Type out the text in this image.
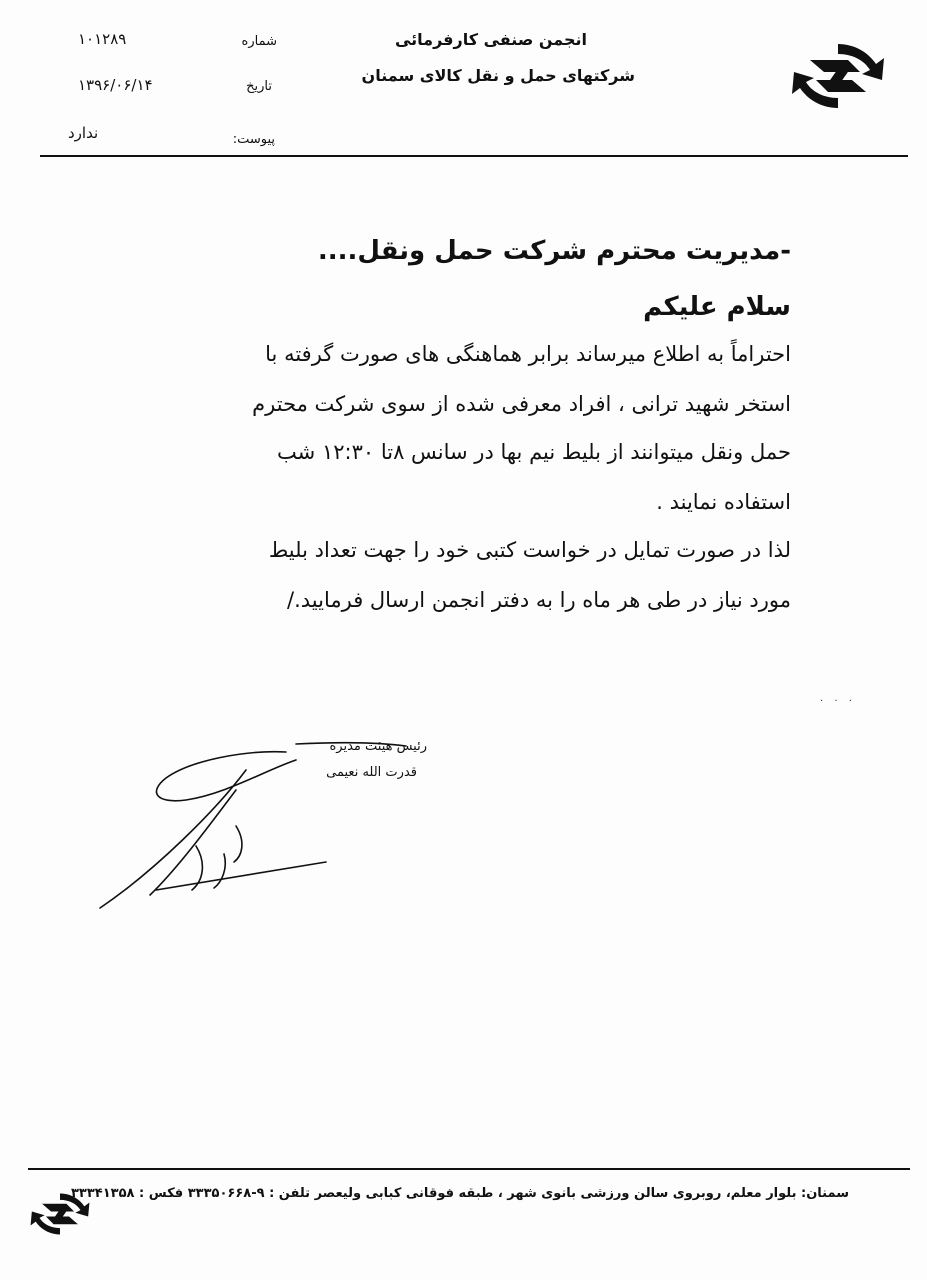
انجمن صنفی کارفرمائی
شرکتهای حمل و نقل کالای سمنان
شماره
۱۰۱۲۸۹
تاریخ
۱۳۹۶/۰۶/۱۴
پیوست:
ندارد
-مدیریت محترم شرکت حمل ونقل....
سلام علیکم
احتراماً به اطلاع میرساند برابر هماهنگی های صورت گرفته با
استخر شهید ترانی ، افراد معرفی شده از سوی شرکت محترم
حمل ونقل میتوانند از بلیط نیم بها در سانس ۸تا ۱۲:۳۰ شب
استفاده نمایند .
لذا در صورت تمایل در خواست کتبی خود را جهت تعداد بلیط
مورد نیاز در طی هر ماه را به دفتر انجمن ارسال فرمایید./
· · ·
رئیس هیئت مدیره
قدرت الله نعیمی
سمنان: بلوار معلم، روبروی سالن ورزشی بانوی شهر ، طبقه فوقانی کبابی ولیعصر تلفن : ۹-۳۳۳۵۰۶۶۸ فکس : ۳۳۳۴۱۳۵۸
